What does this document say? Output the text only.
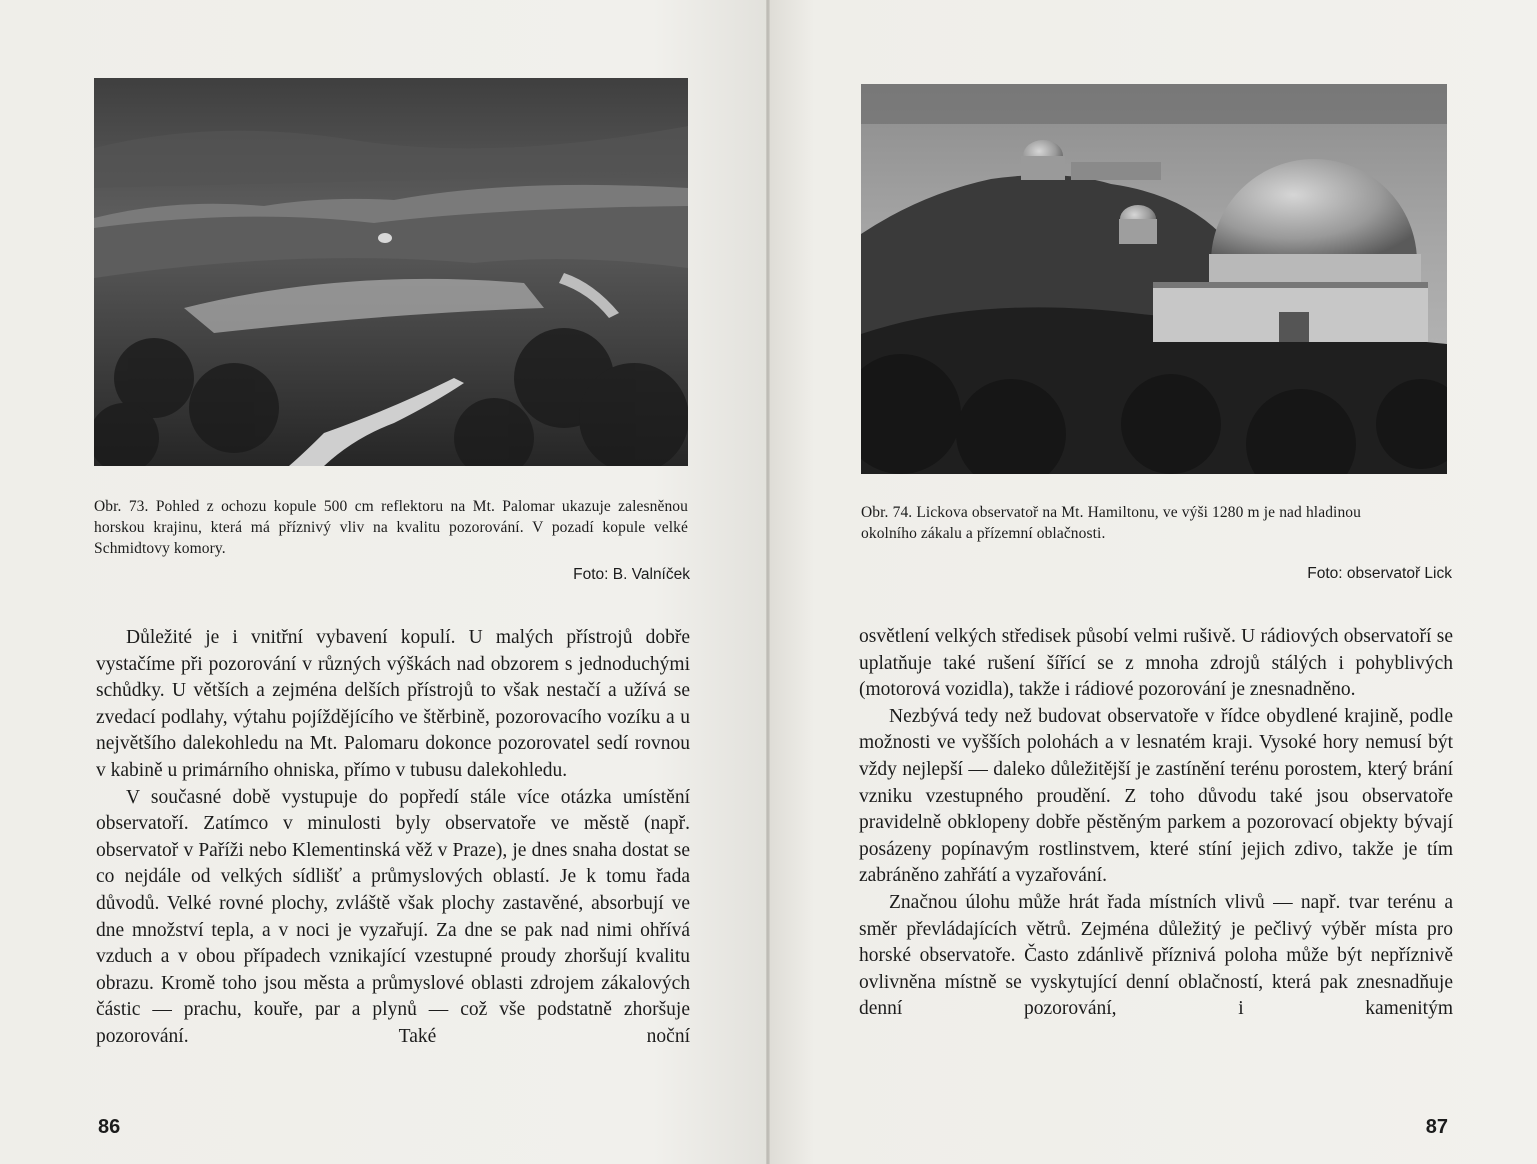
Obr. 73. Pohled z ochozu kopule 500 cm reflektoru na Mt. Palomar ukazuje zalesněnou horskou krajinu, která má příznivý vliv na kvalitu pozorování. V pozadí kopule velké Schmidtovy komory.

Foto: B. Valníček

Důležité je i vnitřní vybavení kopulí. U malých přístrojů dobře vystačíme při pozorování v různých výškách nad obzorem s jednoduchými schůdky. U větších a zejména delších přístrojů to však nestačí a užívá se zvedací podlahy, výtahu pojíždějícího ve štěrbině, pozorovacího vozíku a u největšího dalekohledu na Mt. Palomaru dokonce pozorovatel sedí rovnou v kabině u primárního ohniska, přímo v tubusu dalekohledu.

V současné době vystupuje do popředí stále více otázka umístění observatoří. Zatímco v minulosti byly observatoře ve městě (např. observatoř v Paříži nebo Klementinská věž v Praze), je dnes snaha dostat se co nejdále od velkých sídlišť a průmyslových oblastí. Je k tomu řada důvodů. Velké rovné plochy, zvláště však plochy zastavěné, absorbují ve dne množství tepla, a v noci je vyzařují. Za dne se pak nad nimi ohřívá vzduch a v obou případech vznikající vzestupné proudy zhoršují kvalitu obrazu. Kromě toho jsou města a průmyslové oblasti zdrojem zákalových částic — prachu, kouře, par a plynů — což vše podstatně zhoršuje pozorování. Také noční

86

Obr. 74. Lickova observatoř na Mt. Hamiltonu, ve výši 1280 m je nad hladinou okolního zákalu a přízemní oblačnosti.

Foto: observatoř Lick

osvětlení velkých středisek působí velmi rušivě. U rádiových observatoří se uplatňuje také rušení šířící se z mnoha zdrojů stálých i pohyblivých (motorová vozidla), takže i rádiové pozorování je znesnadněno.

Nezbývá tedy než budovat observatoře v řídce obydlené krajině, podle možnosti ve vyšších polohách a v lesnatém kraji. Vysoké hory nemusí být vždy nejlepší — daleko důležitější je zastínění terénu porostem, který brání vzniku vzestupného proudění. Z toho důvodu také jsou observatoře pravidelně obklopeny dobře pěstěným parkem a pozorovací objekty bývají posázeny popínavým rostlinstvem, které stíní jejich zdivo, takže je tím zabráněno zahřátí a vyzařování.

Značnou úlohu může hrát řada místních vlivů — např. tvar terénu a směr převládajících větrů. Zejména důležitý je pečlivý výběr místa pro horské observatoře. Často zdánlivě příznivá poloha může být nepříznivě ovlivněna místně se vyskytující denní oblačností, která pak znesnadňuje denní pozorování, i kamenitým

87
